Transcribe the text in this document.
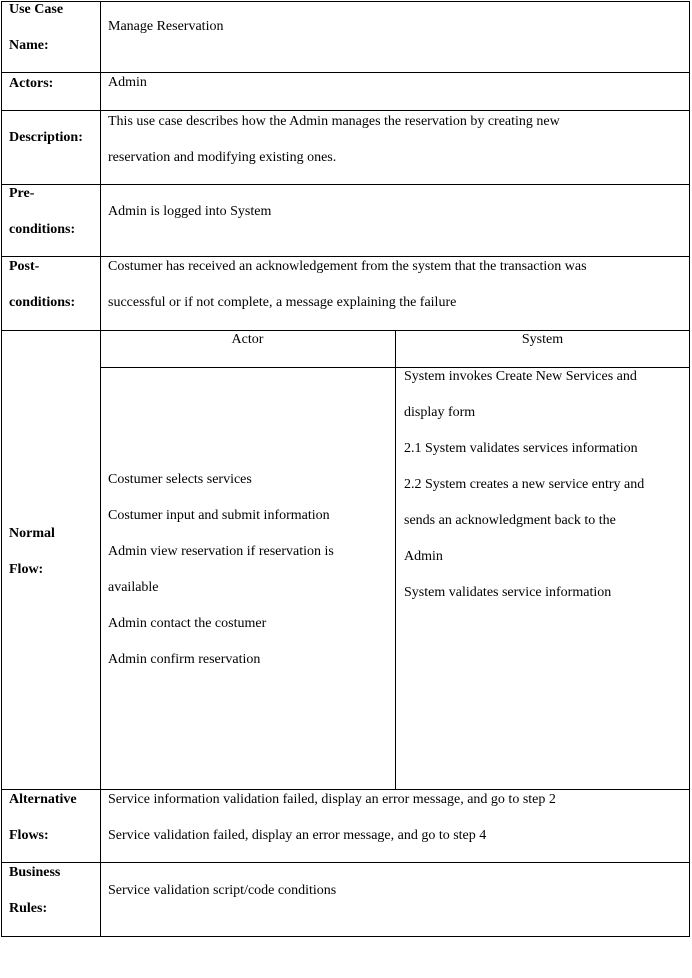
Use Case
Name:
Manage Reservation
Actors:	Admin
Description:
This use case describes how the Admin manages the reservation by creating new
reservation and modifying existing ones.
Pre-
conditions:
Admin is logged into System
Post-
conditions:
Costumer has received an acknowledgement from the system that the transaction was
successful or if not complete, a message explaining the failure
Normal
Flow:
Actor	System
Costumer selects services
Costumer input and submit information
Admin view reservation if reservation is
available
Admin contact the costumer
Admin confirm reservation
System invokes Create New Services and
display form
2.1 System validates services information
2.2 System creates a new service entry and
sends an acknowledgment back to the
Admin
System validates service information
Alternative
Flows:
Service information validation failed, display an error message, and go to step 2
Service validation failed, display an error message, and go to step 4
Business
Rules:
Service validation script/code conditions
